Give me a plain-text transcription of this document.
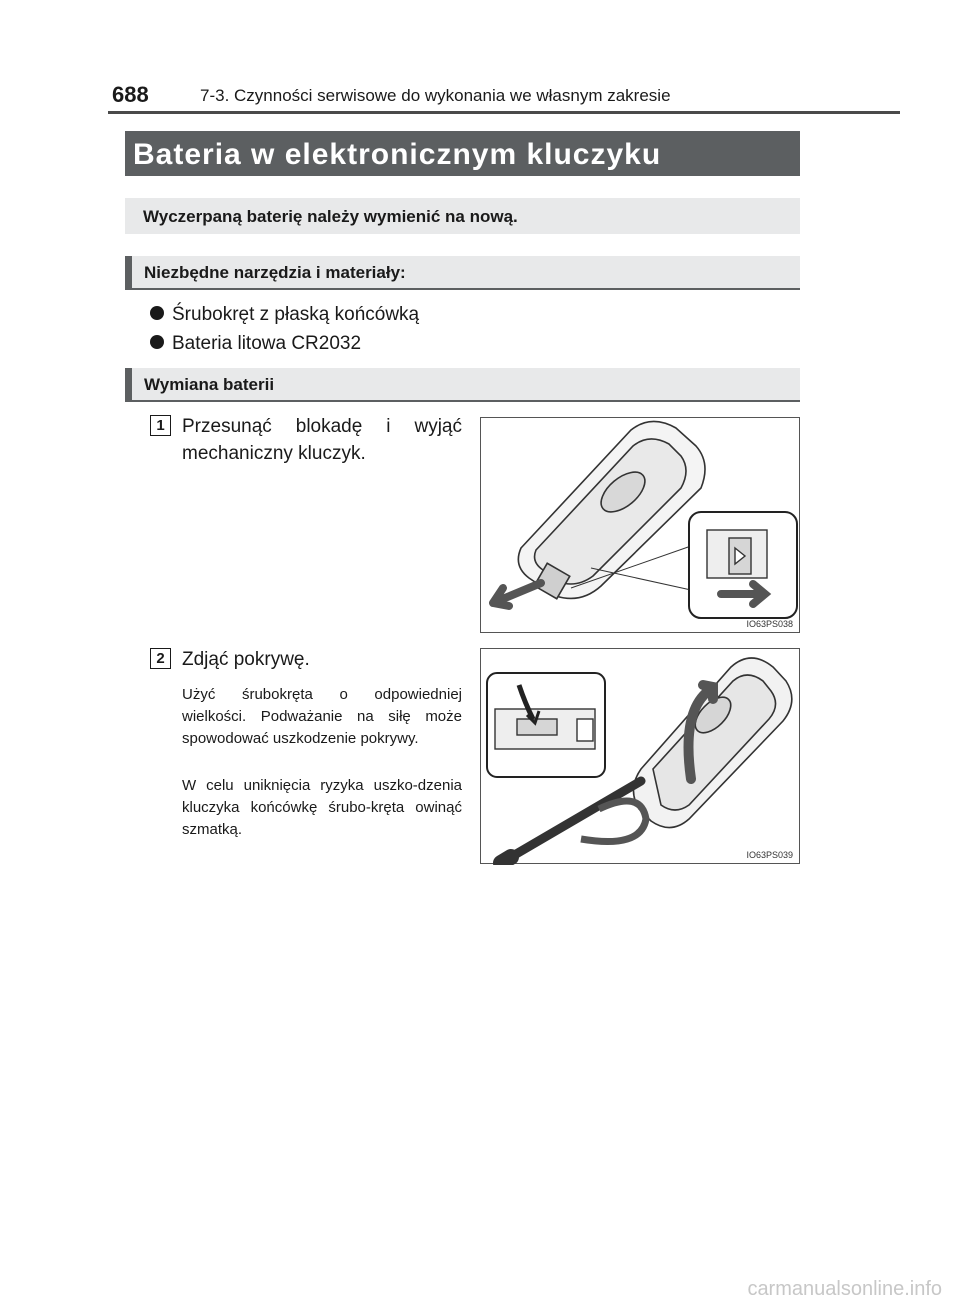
688	7-3. Czynności serwisowe do wykonania we własnym zakresie
Bateria w elektronicznym kluczyku
Wyczerpaną baterię należy wymienić na nową.
Niezbędne narzędzia i materiały:
Śrubokręt z płaską końcówką
Bateria litowa CR2032
Wymiana baterii
1 Przesunąć blokadę i wyjąć mechaniczny kluczyk.
IO63PS038
2 Zdjąć pokrywę.
Użyć śrubokręta o odpowiedniej wielkości. Podważanie na siłę może spowodować uszkodzenie pokrywy.
W celu uniknięcia ryzyka uszko-dzenia kluczyka końcówkę śrubo-kręta owinąć szmatką.
IO63PS039
carmanualsonline.info
